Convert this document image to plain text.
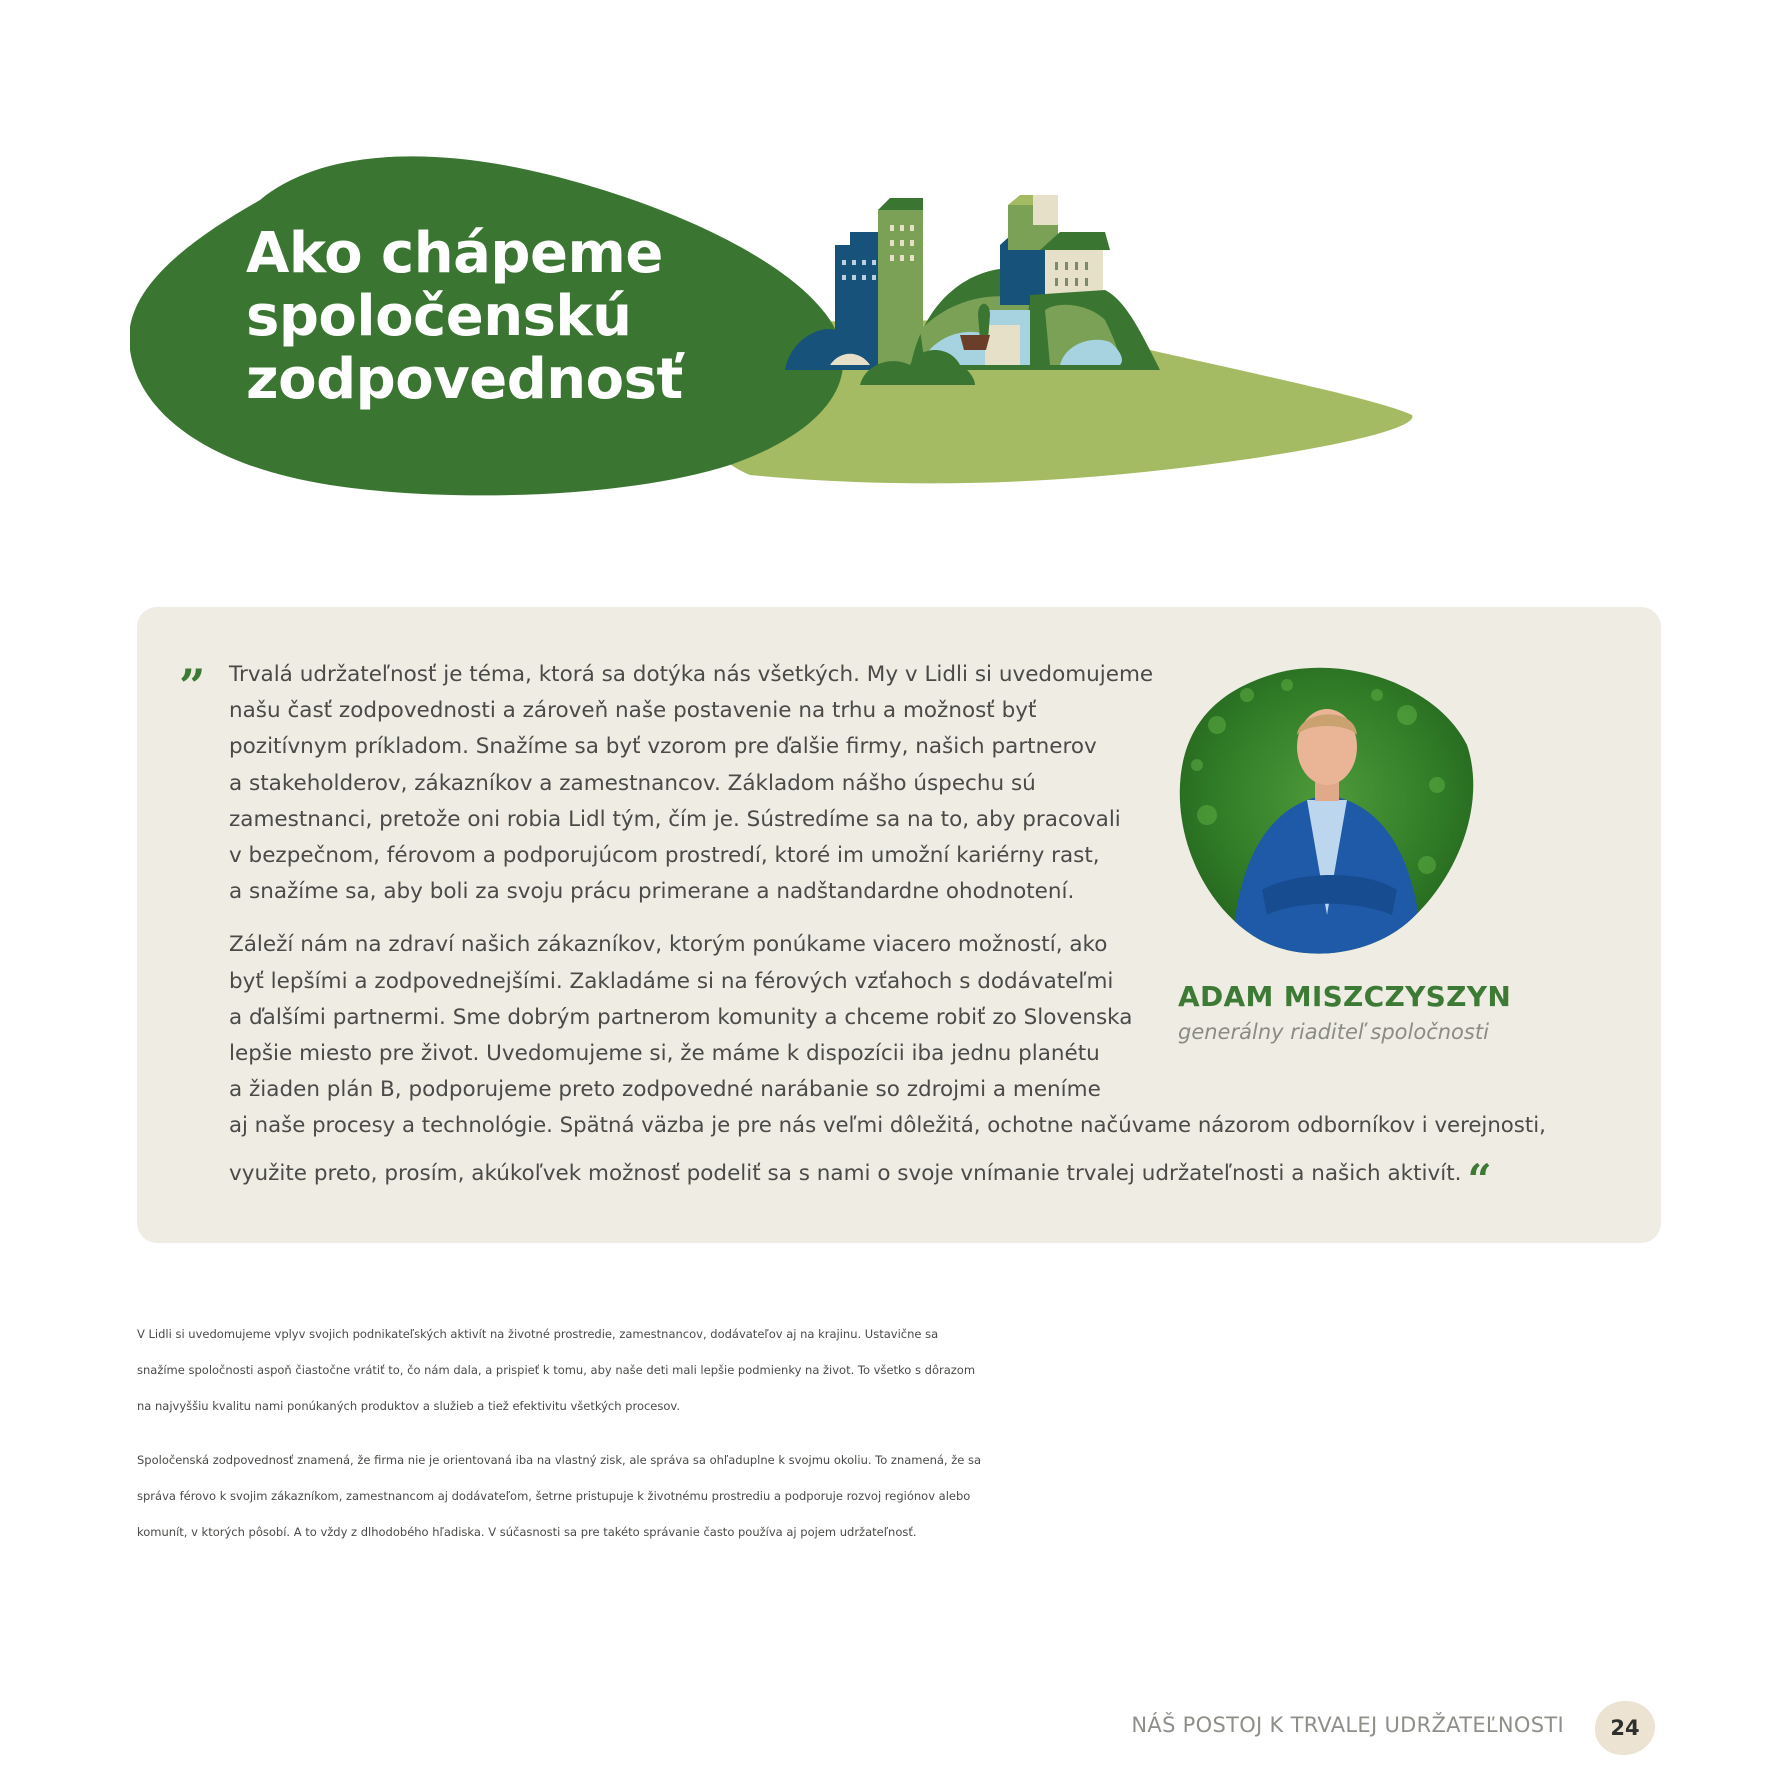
Ako chápeme
spoločenskú
zodpovednosť
” Trvalá udržateľnosť je téma, ktorá sa dotýka nás všetkých. My v Lidli si uvedomujeme
našu časť zodpovednosti a zároveň naše postavenie na trhu a možnosť byť
pozitívnym príkladom. Snažíme sa byť vzorom pre ďalšie firmy, našich partnerov
a stakeholderov, zákazníkov a zamestnancov. Základom nášho úspechu sú
zamestnanci, pretože oni robia Lidl tým, čím je. Sústredíme sa na to, aby pracovali
v bezpečnom, férovom a podporujúcom prostredí, ktoré im umožní kariérny rast,
a snažíme sa, aby boli za svoju prácu primerane a nadštandardne ohodnotení.

Záleží nám na zdraví našich zákazníkov, ktorým ponúkame viacero možností, ako
byť lepšími a zodpovednejšími. Zakladáme si na férových vzťahoch s dodávateľmi
a ďalšími partnermi. Sme dobrým partnerom komunity a chceme robiť zo Slovenska
lepšie miesto pre život. Uvedomujeme si, že máme k dispozícii iba jednu planétu
a žiaden plán B, podporujeme preto zodpovedné narábanie so zdrojmi a meníme
aj naše procesy a technológie. Spätná väzba je pre nás veľmi dôležitá, ochotne načúvame názorom odborníkov i verejnosti,
využite preto, prosím, akúkoľvek možnosť podeliť sa s nami o svoje vnímanie trvalej udržateľnosti a našich aktivít. “

ADAM MISZCZYSZYN

generálny riaditeľ spoločnosti

V Lidli si uvedomujeme vplyv svojich podnikateľských aktivít na životné prostredie, zamestnancov, dodávateľov aj na krajinu. Ustavične sa
snažíme spoločnosti aspoň čiastočne vrátiť to, čo nám dala, a prispieť k tomu, aby naše deti mali lepšie podmienky na život. To všetko s dôrazom
na najvyššiu kvalitu nami ponúkaných produktov a služieb a tiež efektivitu všetkých procesov.

Spoločenská zodpovednosť znamená, že firma nie je orientovaná iba na vlastný zisk, ale správa sa ohľaduplne k svojmu okoliu. To znamená, že sa
správa férovo k svojim zákazníkom, zamestnancom aj dodávateľom, šetrne pristupuje k životnému prostrediu a podporuje rozvoj regiónov alebo
komunít, v ktorých pôsobí. A to vždy z dlhodobého hľadiska. V súčasnosti sa pre takéto správanie často používa aj pojem udržateľnosť.

NÁŠ POSTOJ K TRVALEJ UDRŽATEĽNOSTI	24
